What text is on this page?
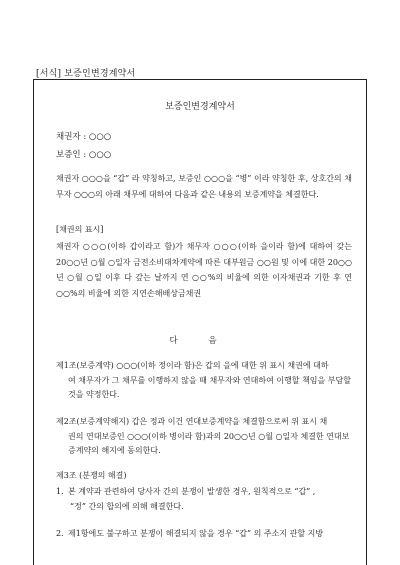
[서식] 보증인변경계약서
보증인변경계약서
채권자 : ○○○
보증인 : ○○○
채권자 ○○○을 “갑” 라 약칭하고, 보증인 ○○○을 “병” 이라 약칭한 후, 상호간의 채무자 ○○○의 아래 채무에 대하여 다음과 같은 내용의 보증계약을 체결한다.
[채권의 표시]
채권자 ○○○(이하 갑이라고 함)가 채무자 ○○○(이하 을이라 함)에 대하여 갖는 20○○년 ○월 ○일자 금전소비대차계약에 따른 대부원금 ○○원 및 이에 대한 20○○년 ○월 ○일 이후 다 갚는 날까지 연 ○○%의 비율에 의한 이자채권과 기한 후 연 ○○%의 비율에 의한 지연손해배상금채권
다 음
제1조(보증계약) ○○○(이하 정이라 함)은 갑의 을에 대한 위 표시 채권에 대하
여 채무자가 그 채무를 이행하지 않을 때 채무자와 연대하여 이행할 책임을 부담할 것을 약정한다.
제2조(보증계약해지) 갑은 정과 이건 연대보증계약을 체결함으로써 위 표시 채
권의 연대보증인 ○○○(이하 병이라 함)과의 20○○년 ○월 ○일자 체결한 연대보증계약의 해지에 동의한다.
제3조 (분쟁의 해결)
1. 본 계약과 관련하여 당사자 간의 분쟁이 발생한 경우, 원칙적으로 “갑” ,
“정” 간의 합의에 의해 해결한다.
2. 제1항에도 불구하고 분쟁이 해결되지 않을 경우 “갑” 의 주소지 관할 지방
